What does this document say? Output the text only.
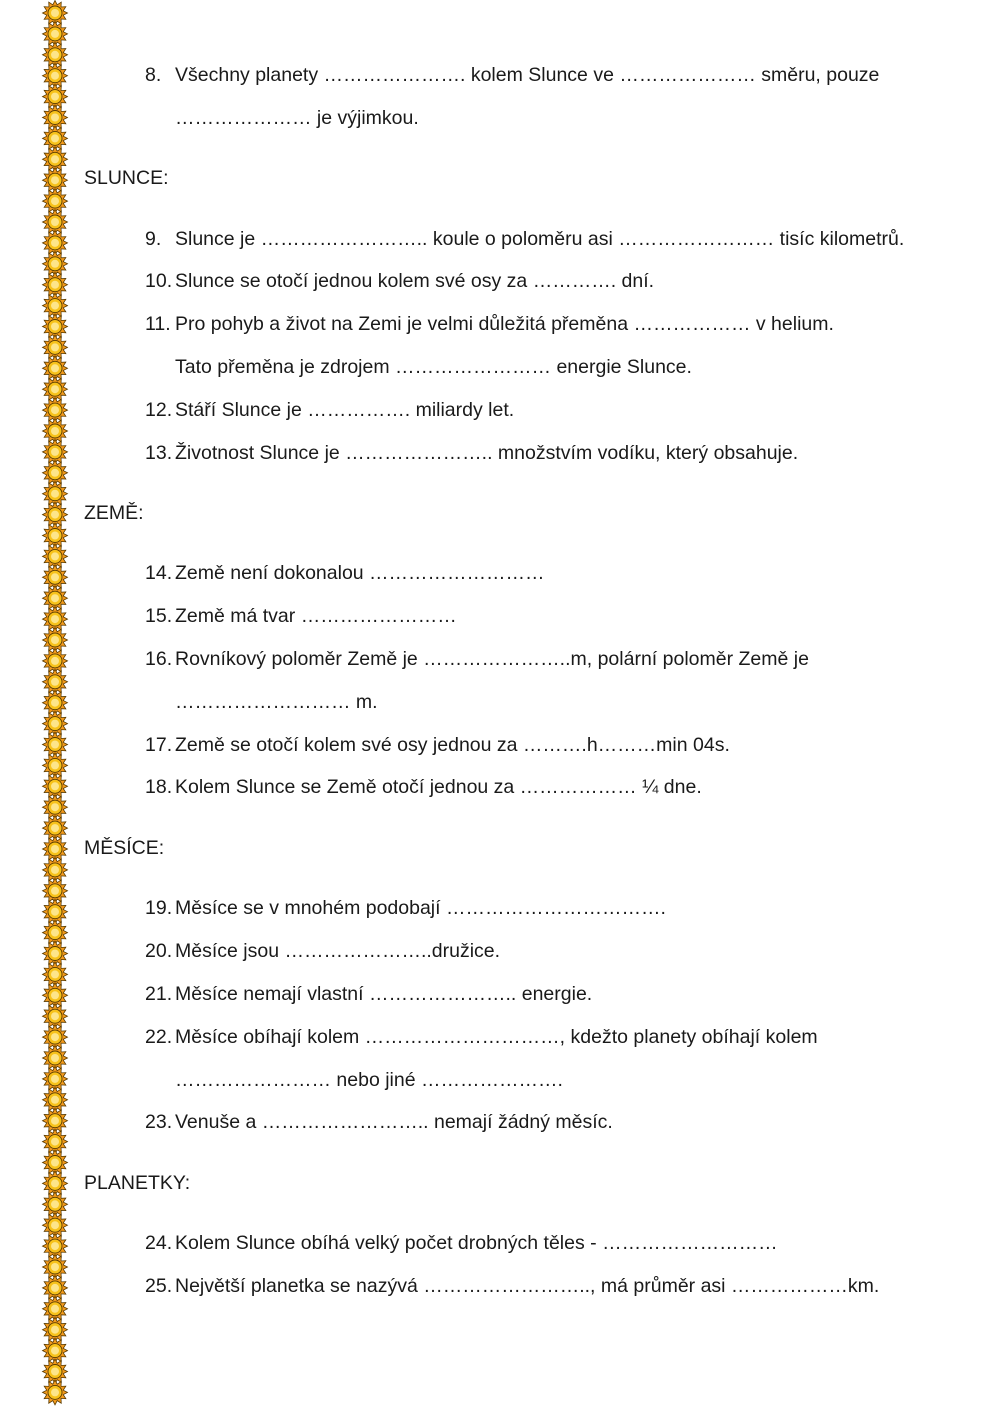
8. Všechny planety …………………. kolem Slunce ve ………………… směru, pouze
………………… je výjimkou.
SLUNCE:
9. Slunce je …………………….. koule o poloměru asi …………………… tisíc kilometrů.
10. Slunce se otočí jednou kolem své osy za …………. dní.
11. Pro pohyb a život na Zemi je velmi důležitá přeměna ……………… v helium.
Tato přeměna je zdrojem …………………… energie Slunce.
12. Stáří Slunce je ……………. miliardy let.
13. Životnost Slunce je ………………….. množstvím vodíku, který obsahuje.
ZEMĚ:
14. Země není dokonalou ………………………
15. Země má tvar ……………………
16. Rovníkový poloměr Země je …………………..m, polární poloměr Země je
……………………… m.
17. Země se otočí kolem své osy jednou za ……….h………min 04s.
18. Kolem Slunce se Země otočí jednou za ……………… ¼ dne.
MĚSÍCE:
19. Měsíce se v mnohém podobají …………………………….
20. Měsíce jsou …………………..družice.
21. Měsíce nemají vlastní ………………….. energie.
22. Měsíce obíhají kolem …………………………, kdežto planety obíhají kolem
…………………… nebo jiné ………………….
23. Venuše a …………………….. nemají žádný měsíc.
PLANETKY:
24. Kolem Slunce obíhá velký počet drobných těles - ………………………
25. Největší planetka se nazývá …………………….., má průměr asi ………………km.
